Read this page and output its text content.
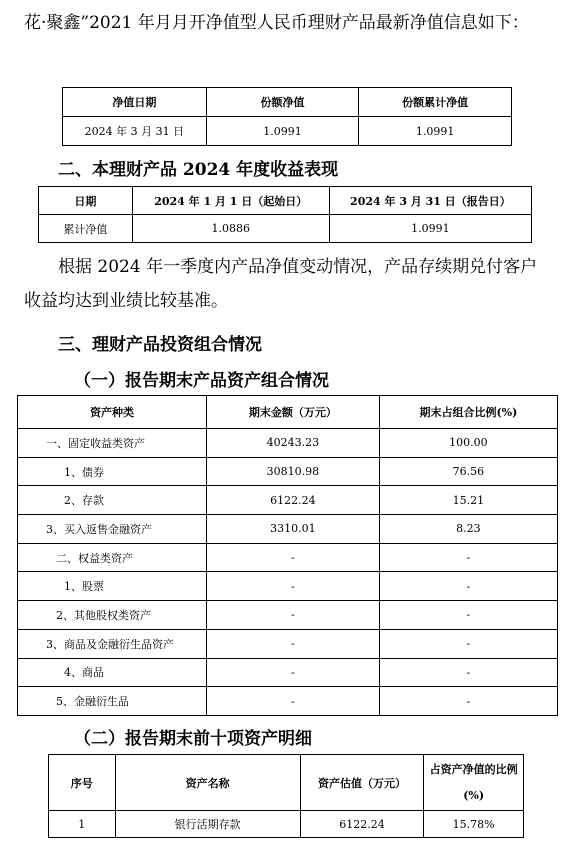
花·聚鑫”2021 年月月开净值型人民币理财产品最新净值信息如下：

净值日期	份额净值	份额累计净值
2024 年 3 月 31 日	1.0991	1.0991
二、本理财产品 2024 年度收益表现
日期	2024 年 1 月 1 日（起始日）	2024 年 3 月 31 日（报告日）
累计净值	1.0886	1.0991

根据 2024 年一季度内产品净值变动情况，产品存续期兑付客户收益均达到业绩比较基准。

三、理财产品投资组合情况
（一）报告期末产品资产组合情况
资产种类	期末金额（万元）	期末占组合比例(%)
一、固定收益类资产	40243.23	100.00
1、债券	30810.98	76.56
2、存款	6122.24	15.21
3、买入返售金融资产	3310.01	8.23
二、权益类资产	-	-
1、股票	-	-
2、其他股权类资产	-	-
3、商品及金融衍生品资产	-	-
4、商品	-	-
5、金融衍生品	-	-
（二）报告期末前十项资产明细
序号	资产名称	资产估值（万元）	占资产净值的比例(%)
1	银行活期存款	6122.24	15.78%
